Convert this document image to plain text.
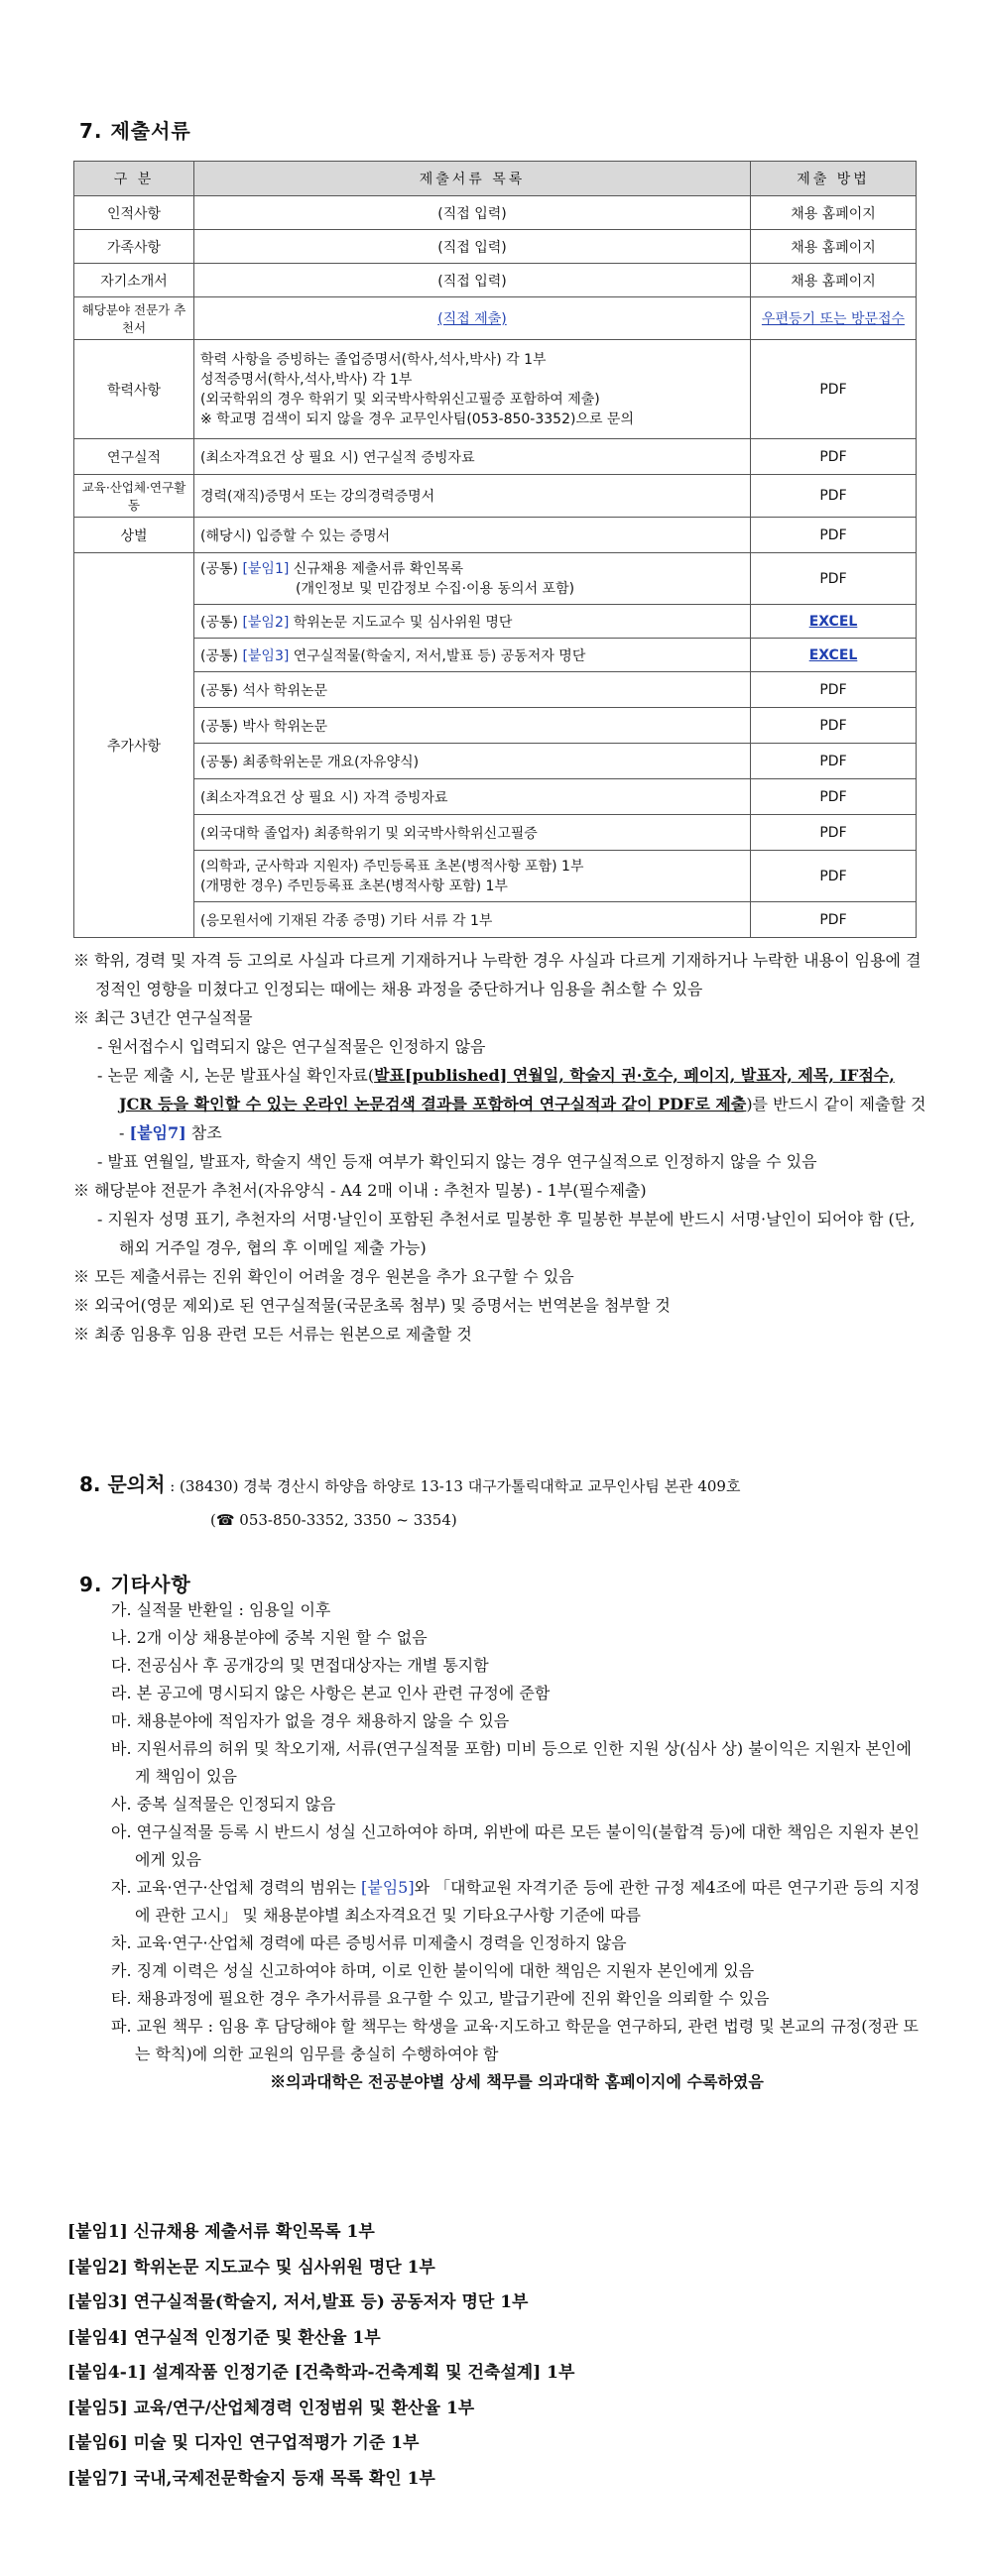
7. 제출서류
구 분	제출서류 목록	제출 방법
인적사항	(직접 입력)	채용 홈페이지
가족사항	(직접 입력)	채용 홈페이지
자기소개서	(직접 입력)	채용 홈페이지
해당분야 전문가 추천서	(직접 제출)	우편등기 또는 방문접수
학력사항	학력 사항을 증빙하는 졸업증명서(학사,석사,박사) 각 1부
성적증명서(학사,석사,박사) 각 1부
(외국학위의 경우 학위기 및 외국박사학위신고필증 포함하여 제출)
※ 학교명 검색이 되지 않을 경우 교무인사팀(053-850-3352)으로 문의	PDF
연구실적	(최소자격요건 상 필요 시) 연구실적 증빙자료	PDF
교육·산업체·연구활동	경력(재직)증명서 또는 강의경력증명서	PDF
상벌	(해당시) 입증할 수 있는 증명서	PDF
추가사항	(공통) [붙임1] 신규채용 제출서류 확인목록
(개인정보 및 민감정보 수집·이용 동의서 포함)	PDF
	(공통) [붙임2] 학위논문 지도교수 및 심사위원 명단	EXCEL
	(공통) [붙임3] 연구실적물(학술지, 저서,발표 등) 공동저자 명단	EXCEL
	(공통) 석사 학위논문	PDF
	(공통) 박사 학위논문	PDF
	(공통) 최종학위논문 개요(자유양식)	PDF
	(최소자격요건 상 필요 시) 자격 증빙자료	PDF
	(외국대학 졸업자) 최종학위기 및 외국박사학위신고필증	PDF

	(의학과, 군사학과 지원자) 주민등록표 초본(병적사항 포함) 1부
(개명한 경우) 주민등록표 초본(병적사항 포함) 1부	PDF
	(응모원서에 기재된 각종 증명) 기타 서류 각 1부	PDF

※ 학위, 경력 및 자격 등 고의로 사실과 다르게 기재하거나 누락한 경우 사실과 다르게 기재하거나 누락한 내용이 임용에 결정적인 영향을 미쳤다고 인정되는 때에는 채용 과정을 중단하거나 임용을 취소할 수 있음

※ 최근 3년간 연구실적물

- 원서접수시 입력되지 않은 연구실적물은 인정하지 않음

- 논문 제출 시, 논문 발표사실 확인자료(발표[published] 연월일, 학술지 권·호수, 페이지, 발표자, 제목, IF점수, JCR 등을 확인할 수 있는 온라인 논문검색 결과를 포함하여 연구실적과 같이 PDF로 제출)를 반드시 같이 제출할 것 - [붙임7] 참조

- 발표 연월일, 발표자, 학술지 색인 등재 여부가 확인되지 않는 경우 연구실적으로 인정하지 않을 수 있음

※ 해당분야 전문가 추천서(자유양식 - A4 2매 이내 : 추천자 밀봉) - 1부(필수제출)

- 지원자 성명 표기, 추천자의 서명·날인이 포함된 추천서로 밀봉한 후 밀봉한 부분에 반드시 서명·날인이 되어야 함 (단, 해외 거주일 경우, 협의 후 이메일 제출 가능)

※ 모든 제출서류는 진위 확인이 어려울 경우 원본을 추가 요구할 수 있음

※ 외국어(영문 제외)로 된 연구실적물(국문초록 첨부) 및 증명서는 번역본을 첨부할 것

※ 최종 임용후 임용 관련 모든 서류는 원본으로 제출할 것

8. 문의처 : (38430) 경북 경산시 하양읍 하양로 13-13 대구가톨릭대학교 교무인사팀 본관 409호
(☎ 053-850-3352, 3350 ~ 3354)
9. 기타사항

가. 실적물 반환일 : 임용일 이후

나. 2개 이상 채용분야에 중복 지원 할 수 없음

다. 전공심사 후 공개강의 및 면접대상자는 개별 통지함

라. 본 공고에 명시되지 않은 사항은 본교 인사 관련 규정에 준함

마. 채용분야에 적임자가 없을 경우 채용하지 않을 수 있음

바. 지원서류의 허위 및 착오기재, 서류(연구실적물 포함) 미비 등으로 인한 지원 상(심사 상) 불이익은 지원자 본인에게 책임이 있음

사. 중복 실적물은 인정되지 않음

아. 연구실적물 등록 시 반드시 성실 신고하여야 하며, 위반에 따른 모든 불이익(불합격 등)에 대한 책임은 지원자 본인에게 있음

자. 교육·연구·산업체 경력의 범위는 [붙임5]와 「대학교원 자격기준 등에 관한 규정 제4조에 따른 연구기관 등의 지정에 관한 고시」 및 채용분야별 최소자격요건 및 기타요구사항 기준에 따름

차. 교육·연구·산업체 경력에 따른 증빙서류 미제출시 경력을 인정하지 않음

카. 징계 이력은 성실 신고하여야 하며, 이로 인한 불이익에 대한 책임은 지원자 본인에게 있음

타. 채용과정에 필요한 경우 추가서류를 요구할 수 있고, 발급기관에 진위 확인을 의뢰할 수 있음

파. 교원 책무 : 임용 후 담당해야 할 책무는 학생을 교육·지도하고 학문을 연구하되, 관련 법령 및 본교의 규정(정관 또는 학칙)에 의한 교원의 임무를 충실히 수행하여야 함

※의과대학은 전공분야별 상세 책무를 의과대학 홈페이지에 수록하였음

[붙임1] 신규채용 제출서류 확인목록 1부

[붙임2] 학위논문 지도교수 및 심사위원 명단 1부

[붙임3] 연구실적물(학술지, 저서,발표 등) 공동저자 명단 1부

[붙임4] 연구실적 인정기준 및 환산율 1부

[붙임4-1] 설계작품 인정기준 [건축학과-건축계획 및 건축설계] 1부

[붙임5] 교육/연구/산업체경력 인정범위 및 환산율 1부

[붙임6] 미술 및 디자인 연구업적평가 기준 1부

[붙임7] 국내,국제전문학술지 등재 목록 확인 1부
